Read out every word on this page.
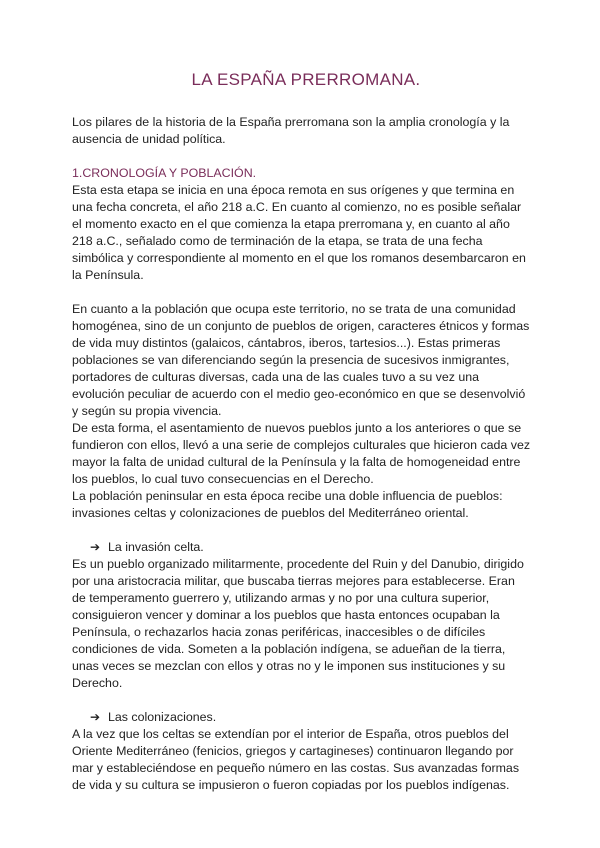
LA ESPAÑA PRERROMANA.

Los pilares de la historia de la España prerromana son la amplia cronología y la ausencia de unidad política.

1.CRONOLOGÍA Y POBLACIÓN.

Esta esta etapa se inicia en una época remota en sus orígenes y que termina en una fecha concreta, el año 218 a.C. En cuanto al comienzo, no es posible señalar el momento exacto en el que comienza la etapa prerromana y, en cuanto al año 218 a.C., señalado como de terminación de la etapa, se trata de una fecha simbólica y correspondiente al momento en el que los romanos desembarcaron en la Península.

En cuanto a la población que ocupa este territorio, no se trata de una comunidad homogénea, sino de un conjunto de pueblos de origen, caracteres étnicos y formas de vida muy distintos (galaicos, cántabros, iberos, tartesios...). Estas primeras poblaciones se van diferenciando según la presencia de sucesivos inmigrantes, portadores de culturas diversas, cada una de las cuales tuvo a su vez una evolución peculiar de acuerdo con el medio geo-económico en que se desenvolvió y según su propia vivencia.

De esta forma, el asentamiento de nuevos pueblos junto a los anteriores o que se fundieron con ellos, llevó a una serie de complejos culturales que hicieron cada vez mayor la falta de unidad cultural de la Península y la falta de homogeneidad entre los pueblos, lo cual tuvo consecuencias en el Derecho.

La población peninsular en esta época recibe una doble influencia de pueblos: invasiones celtas y colonizaciones de pueblos del Mediterráneo oriental.

➔ La invasión celta.

Es un pueblo organizado militarmente, procedente del Ruin y del Danubio, dirigido por una aristocracia militar, que buscaba tierras mejores para establecerse. Eran de temperamento guerrero y, utilizando armas y no por una cultura superior, consiguieron vencer y dominar a los pueblos que hasta entonces ocupaban la Península, o rechazarlos hacia zonas periféricas, inaccesibles o de difíciles condiciones de vida. Someten a la población indígena, se adueñan de la tierra, unas veces se mezclan con ellos y otras no y le imponen sus instituciones y su Derecho.

➔ Las colonizaciones.

A la vez que los celtas se extendían por el interior de España, otros pueblos del Oriente Mediterráneo (fenicios, griegos y cartagineses) continuaron llegando por mar y estableciéndose en pequeño número en las costas. Sus avanzadas formas de vida y su cultura se impusieron o fueron copiadas por los pueblos indígenas.
